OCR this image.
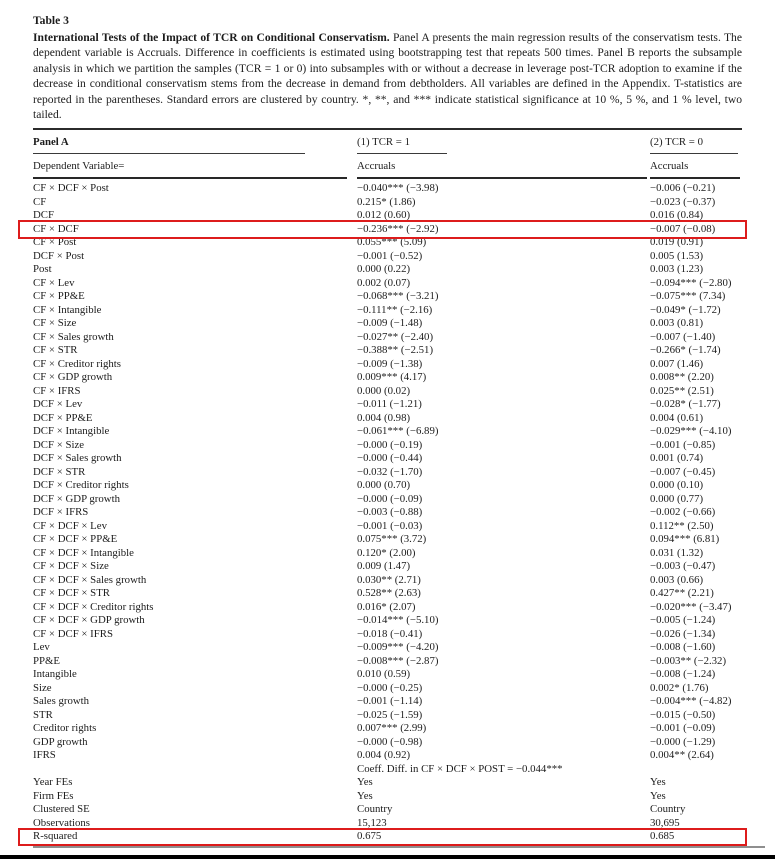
Table 3

International Tests of the Impact of TCR on Conditional Conservatism. Panel A presents the main regression results of the conservatism tests. The dependent variable is Accruals. Difference in coefficients is estimated using bootstrapping test that repeats 500 times. Panel B reports the subsample analysis in which we partition the samples (TCR = 1 or 0) into subsamples with or without a decrease in leverage post-TCR adoption to examine if the decrease in conditional conservatism stems from the decrease in demand from debtholders. All variables are defined in the Appendix. T-statistics are reported in the parentheses. Standard errors are clustered by country. *, **, and *** indicate statistical significance at 10 %, 5 %, and 1 % level, two tailed.

Panel A	(1) TCR = 1	(2) TCR = 0

Dependent Variable=	Accruals	Accruals

CF × DCF × Post	−0.040*** (−3.98)	−0.006 (−0.21)
CF	0.215* (1.86)	−0.023 (−0.37)
DCF	0.012 (0.60)	0.016 (0.84)
CF × DCF	−0.236*** (−2.92)	−0.007 (−0.08)
CF × Post	0.055*** (5.09)	0.019 (0.91)
DCF × Post	−0.001 (−0.52)	0.005 (1.53)
Post	0.000 (0.22)	0.003 (1.23)
CF × Lev	0.002 (0.07)	−0.094*** (−2.80)
CF × PP&E	−0.068*** (−3.21)	−0.075*** (7.34)
CF × Intangible	−0.111** (−2.16)	−0.049* (−1.72)
CF × Size	−0.009 (−1.48)	0.003 (0.81)
CF × Sales growth	−0.027** (−2.40)	−0.007 (−1.40)
CF × STR	−0.388** (−2.51)	−0.266* (−1.74)
CF × Creditor rights	−0.009 (−1.38)	0.007 (1.46)
CF × GDP growth	0.009*** (4.17)	0.008** (2.20)
CF × IFRS	0.000 (0.02)	0.025** (2.51)
DCF × Lev	−0.011 (−1.21)	−0.028* (−1.77)
DCF × PP&E	0.004 (0.98)	0.004 (0.61)
DCF × Intangible	−0.061*** (−6.89)	−0.029*** (−4.10)
DCF × Size	−0.000 (−0.19)	−0.001 (−0.85)
DCF × Sales growth	−0.000 (−0.44)	0.001 (0.74)
DCF × STR	−0.032 (−1.70)	−0.007 (−0.45)
DCF × Creditor rights	0.000 (0.70)	0.000 (0.10)
DCF × GDP growth	−0.000 (−0.09)	0.000 (0.77)
DCF × IFRS	−0.003 (−0.88)	−0.002 (−0.66)
CF × DCF × Lev	−0.001 (−0.03)	0.112** (2.50)
CF × DCF × PP&E	0.075*** (3.72)	0.094*** (6.81)
CF × DCF × Intangible	0.120* (2.00)	0.031 (1.32)
CF × DCF × Size	0.009 (1.47)	−0.003 (−0.47)
CF × DCF × Sales growth	0.030** (2.71)	0.003 (0.66)
CF × DCF × STR	0.528** (2.63)	0.427** (2.21)
CF × DCF × Creditor rights	0.016* (2.07)	−0.020*** (−3.47)
CF × DCF × GDP growth	−0.014*** (−5.10)	−0.005 (−1.24)
CF × DCF × IFRS	−0.018 (−0.41)	−0.026 (−1.34)
Lev	−0.009*** (−4.20)	−0.008 (−1.60)
PP&E	−0.008*** (−2.87)	−0.003** (−2.32)
Intangible	0.010 (0.59)	−0.008 (−1.24)
Size	−0.000 (−0.25)	0.002* (1.76)
Sales growth	−0.001 (−1.14)	−0.004*** (−4.82)
STR	−0.025 (−1.59)	−0.015 (−0.50)
Creditor rights	0.007*** (2.99)	−0.001 (−0.09)
GDP growth	−0.000 (−0.98)	−0.000 (−1.29)
IFRS	0.004 (0.92)	0.004** (2.64)
	Coeff. Diff. in CF × DCF × POST = −0.044***	
Year FEs	Yes	Yes
Firm FEs	Yes	Yes
Clustered SE	Country	Country
Observations	15,123	30,695
R-squared	0.675	0.685
